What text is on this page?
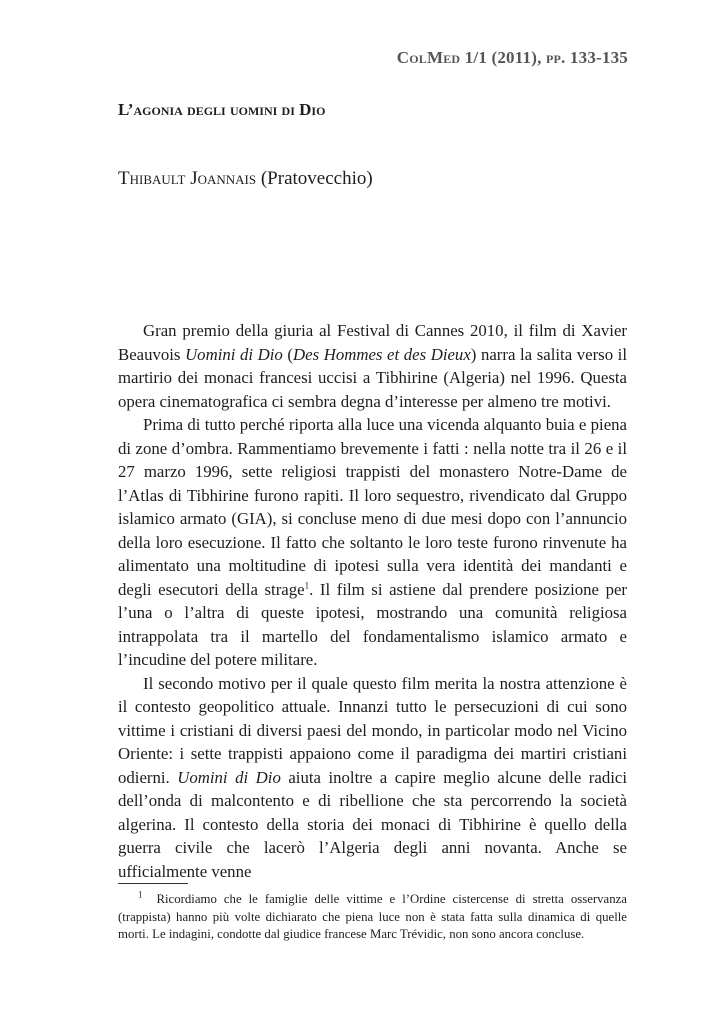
ColMed 1/1 (2011), pp. 133-135
L’agonia degli uomini di Dio

Thibault Joannais (Pratovecchio)

Gran premio della giuria al Festival di Cannes 2010, il film di Xavier Beauvois Uomini di Dio (Des Hommes et des Dieux) narra la salita verso il martirio dei monaci francesi uccisi a Tibhirine (Algeria) nel 1996. Questa opera cinematografica ci sembra degna d’interesse per almeno tre motivi.

Prima di tutto perché riporta alla luce una vicenda alquanto buia e piena di zone d’ombra. Rammentiamo brevemente i fatti : nella notte tra il 26 e il 27 marzo 1996, sette religiosi trappisti del monastero Notre-Dame de l’Atlas di Tibhirine furono rapiti. Il loro sequestro, rivendicato dal Gruppo islamico armato (GIA), si concluse meno di due mesi dopo con l’annuncio della loro esecuzione. Il fatto che soltanto le loro teste furono rinvenute ha alimentato una moltitudine di ipotesi sulla vera identità dei mandanti e degli esecutori della strage$^1$. Il film si astiene dal prendere posizione per l’una o l’altra di queste ipotesi, mostrando una comunità religiosa intrappolata tra il martello del fondamentalismo islamico armato e l’incudine del potere militare.

Il secondo motivo per il quale questo film merita la nostra attenzione è il contesto geopolitico attuale. Innanzi tutto le persecuzioni di cui sono vittime i cristiani di diversi paesi del mondo, in particolar modo nel Vicino Oriente: i sette trappisti appaiono come il paradigma dei martiri cristiani odierni. Uomini di Dio aiuta inoltre a capire meglio alcune delle radici dell’onda di malcontento e di ribellione che sta percorrendo la società algerina. Il contesto della storia dei monaci di Tibhirine è quello della guerra civile che lacerò l’Algeria degli anni novanta. Anche se ufficialmente venne

$^1$ Ricordiamo che le famiglie delle vittime e l’Ordine cistercense di stretta osservanza (trappista) hanno più volte dichiarato che piena luce non è stata fatta sulla dinamica di quelle morti. Le indagini, condotte dal giudice francese Marc Trévidic, non sono ancora concluse.
